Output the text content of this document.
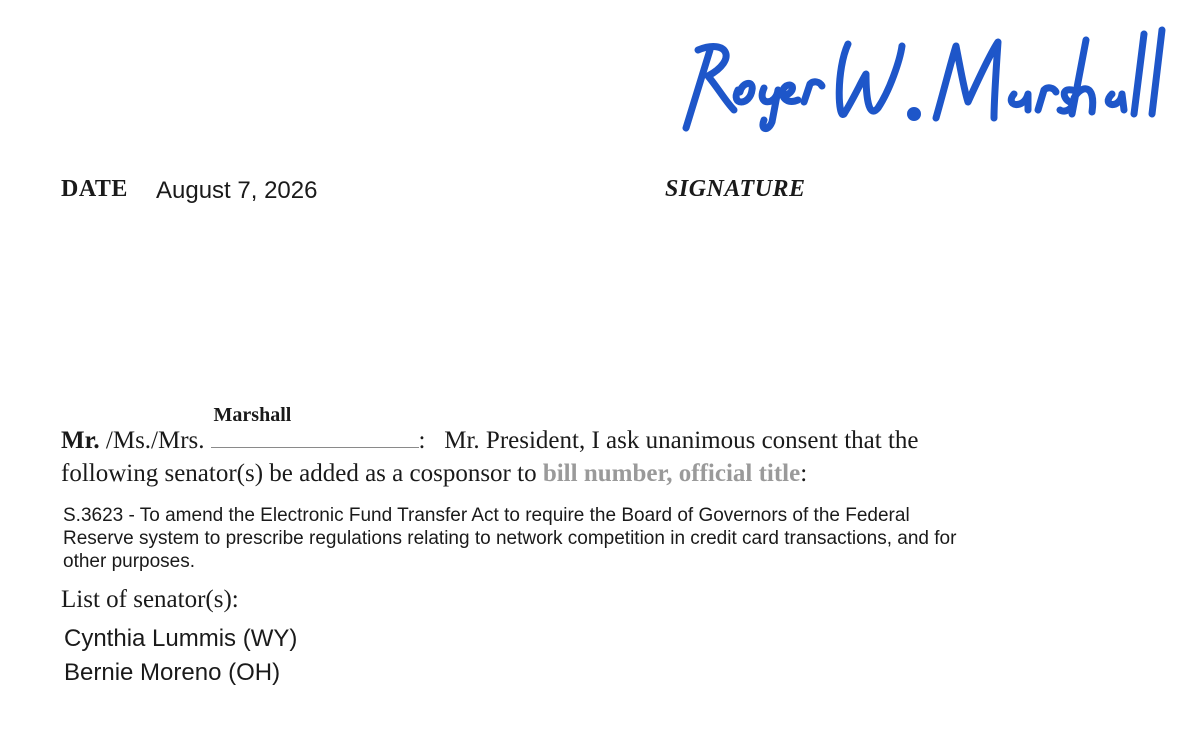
DATE August 7, 2026	SIGNATURE
Mr. /Ms./Mrs.
Marshall
: Mr. President, I ask unanimous consent that the
following senator(s) be added as a cosponsor to bill number, official title:

S.3623 - To amend the Electronic Fund Transfer Act to require the Board of Governors of the Federal Reserve system to prescribe regulations relating to network competition in credit card transactions, and for other purposes.

List of senator(s):
Cynthia Lummis (WY)
Bernie Moreno (OH)
